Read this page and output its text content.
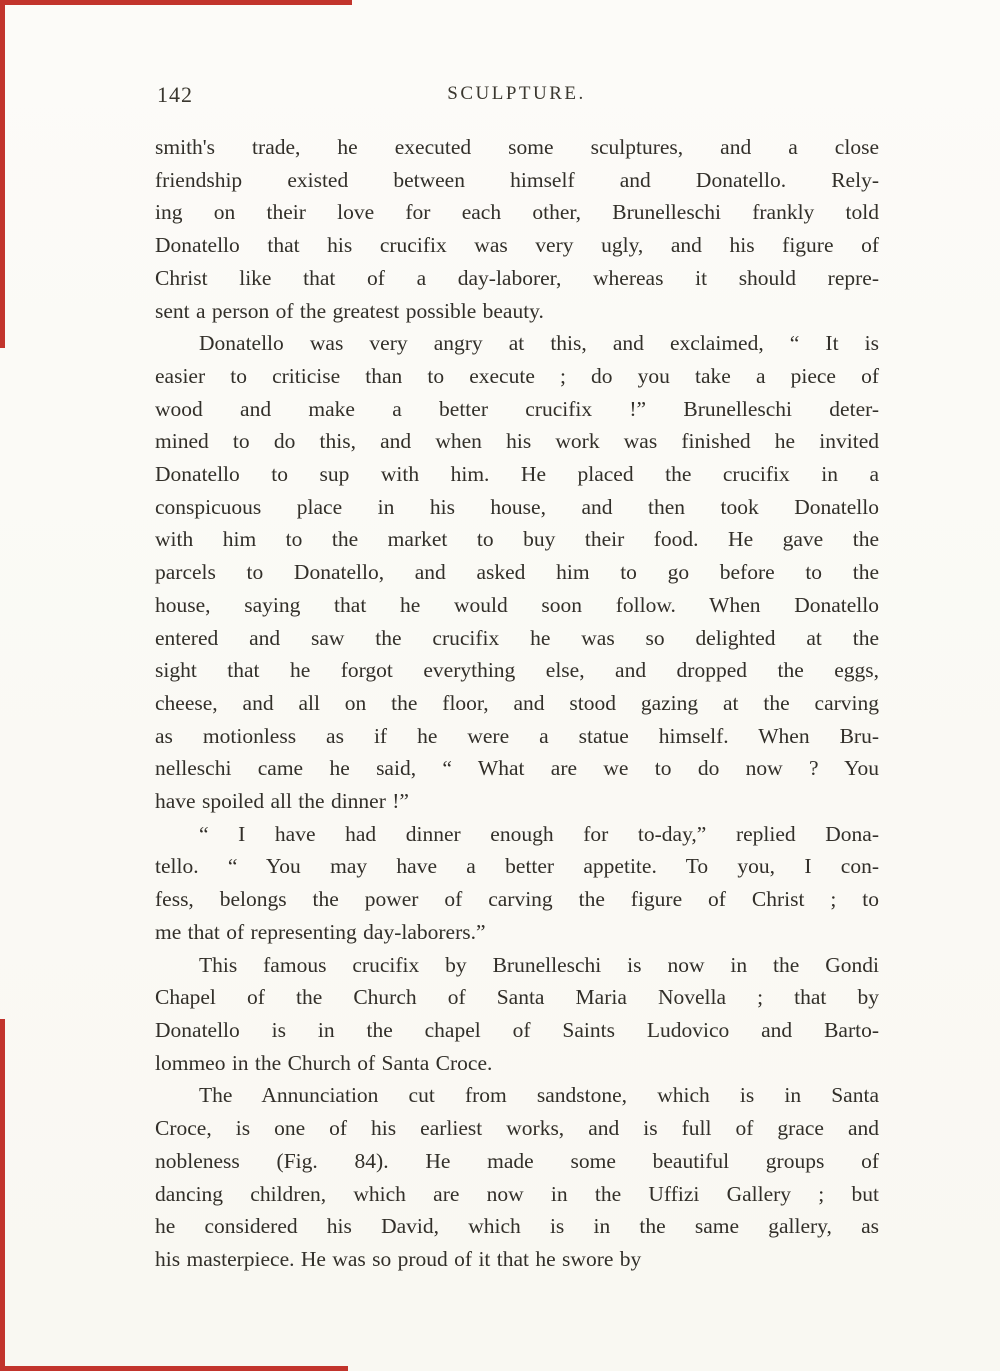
142	SCULPTURE.
smith's trade, he executed some sculptures, and a close
friendship existed between himself and Donatello. Rely-
ing on their love for each other, Brunelleschi frankly told
Donatello that his crucifix was very ugly, and his figure of
Christ like that of a day-laborer, whereas it should repre-
sent a person of the greatest possible beauty.
Donatello was very angry at this, and exclaimed, “ It is
easier to criticise than to execute ; do you take a piece of
wood and make a better crucifix !” Brunelleschi deter-
mined to do this, and when his work was finished he invited
Donatello to sup with him. He placed the crucifix in a
conspicuous place in his house, and then took Donatello
with him to the market to buy their food. He gave the
parcels to Donatello, and asked him to go before to the
house, saying that he would soon follow. When Donatello
entered and saw the crucifix he was so delighted at the
sight that he forgot everything else, and dropped the eggs,
cheese, and all on the floor, and stood gazing at the carving
as motionless as if he were a statue himself. When Bru-
nelleschi came he said, “ What are we to do now ? You
have spoiled all the dinner !”
“ I have had dinner enough for to-day,” replied Dona-
tello. “ You may have a better appetite. To you, I con-
fess, belongs the power of carving the figure of Christ ; to
me that of representing day-laborers.”
This famous crucifix by Brunelleschi is now in the Gondi
Chapel of the Church of Santa Maria Novella ; that by
Donatello is in the chapel of Saints Ludovico and Barto-
lommeo in the Church of Santa Croce.
The Annunciation cut from sandstone, which is in Santa
Croce, is one of his earliest works, and is full of grace and
nobleness (Fig. 84). He made some beautiful groups of
dancing children, which are now in the Uffizi Gallery ; but
he considered his David, which is in the same gallery, as
his masterpiece. He was so proud of it that he swore by
